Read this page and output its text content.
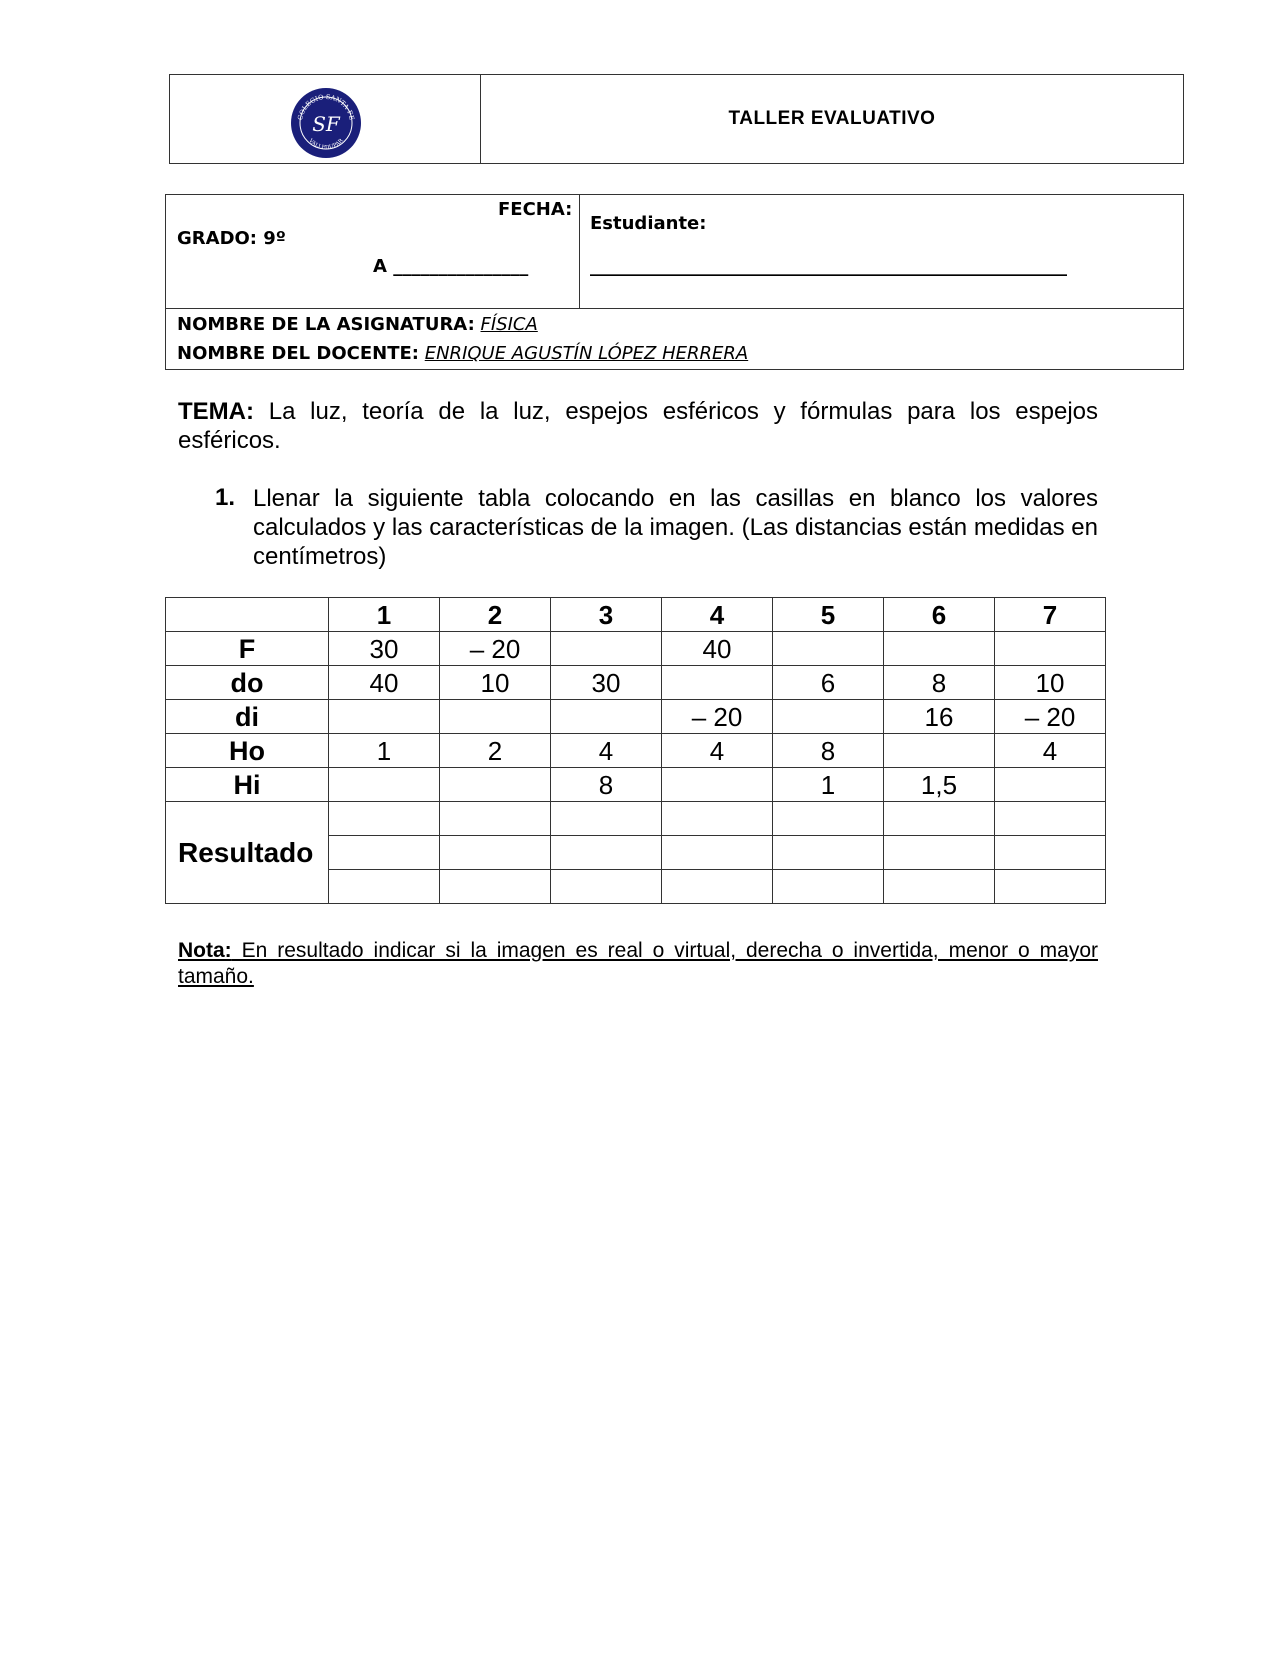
COLEGIO SANTA FE
VALLEDUPAR
SF	TALLER EVALUATIVO
FECHA:
GRADO: 9º
A _______________
Estudiante:
_____________________________________________________
NOMBRE DE LA ASIGNATURA: FÍSICA
NOMBRE DEL DOCENTE: ENRIQUE AGUSTÍN LÓPEZ HERRERA
TEMA: La luz, teoría de la luz, espejos esféricos y fórmulas para los espejos esféricos.
1. Llenar la siguiente tabla colocando en las casillas en blanco los valores calculados y las características de la imagen. (Las distancias están medidas en centímetros)
	1	2	3	4	5	6	7
F	30	– 20		40			
do	40	10	30		6	8	10
di				– 20		16	– 20
Ho	1	2	4	4	8		4
Hi			8		1	1,5	
Resultado							

Nota: En resultado indicar si la imagen es real o virtual, derecha o invertida, menor o mayor tamaño.
